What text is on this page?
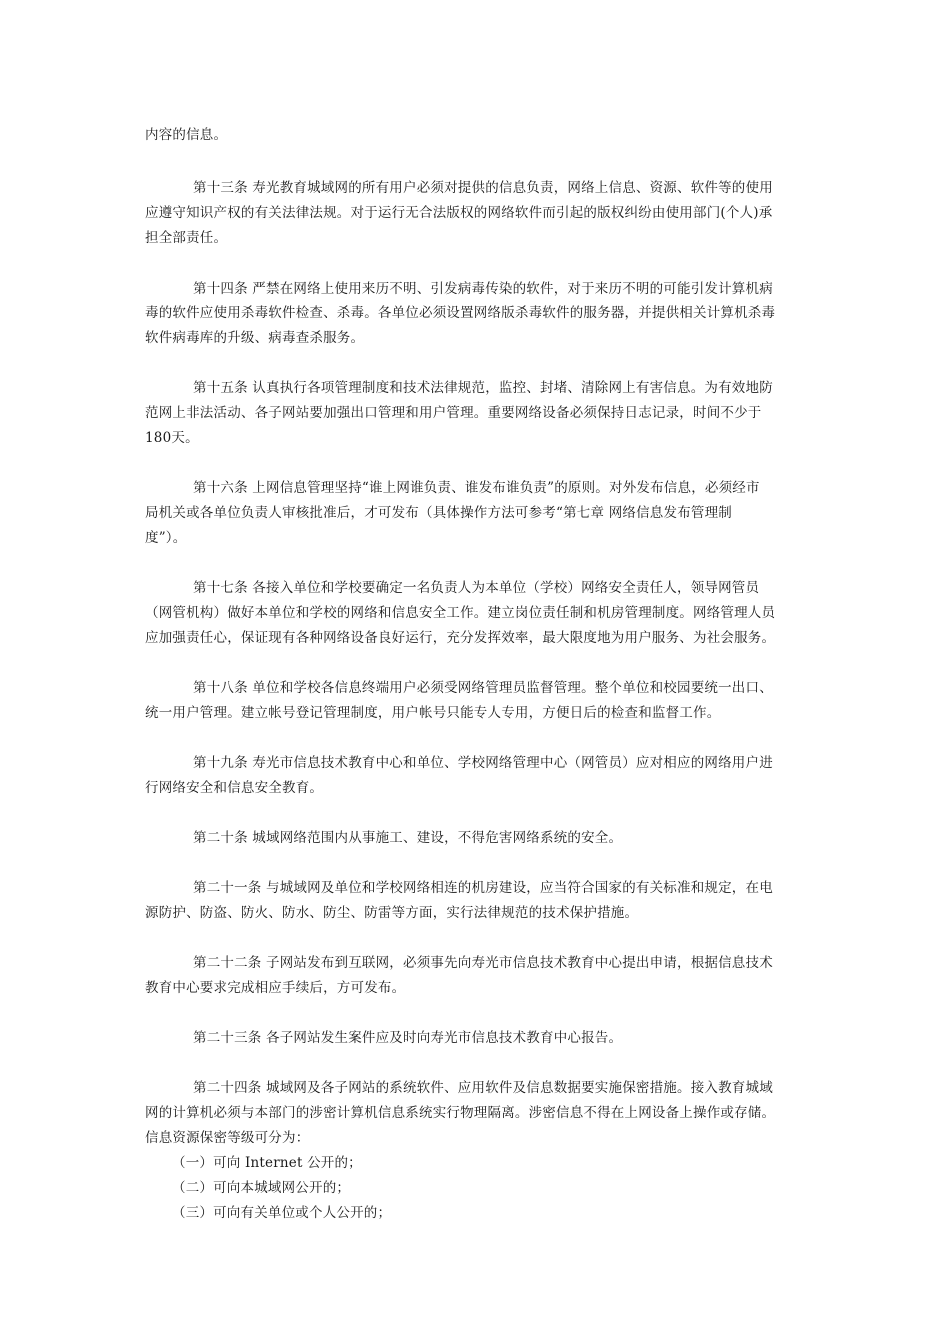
内容的信息。
第十三条 寿光教育城域网的所有用户必须对提供的信息负责，网络上信息、资源、软件等的使用
应遵守知识产权的有关法律法规。对于运行无合法版权的网络软件而引起的版权纠纷由使用部门(个人)承
担全部责任。
第十四条 严禁在网络上使用来历不明、引发病毒传染的软件，对于来历不明的可能引发计算机病
毒的软件应使用杀毒软件检查、杀毒。各单位必须设置网络版杀毒软件的服务器，并提供相关计算机杀毒
软件病毒库的升级、病毒查杀服务。
第十五条 认真执行各项管理制度和技术法律规范，监控、封堵、清除网上有害信息。为有效地防
范网上非法活动、各子网站要加强出口管理和用户管理。重要网络设备必须保持日志记录，时间不少于
180天。
第十六条 上网信息管理坚持“谁上网谁负责、谁发布谁负责”的原则。对外发布信息，必须经市
局机关或各单位负责人审核批准后，才可发布（具体操作方法可参考“第七章 网络信息发布管理制
度”）。
第十七条 各接入单位和学校要确定一名负责人为本单位（学校）网络安全责任人，领导网管员
（网管机构）做好本单位和学校的网络和信息安全工作。建立岗位责任制和机房管理制度。网络管理人员
应加强责任心，保证现有各种网络设备良好运行，充分发挥效率，最大限度地为用户服务、为社会服务。
第十八条 单位和学校各信息终端用户必须受网络管理员监督管理。整个单位和校园要统一出口、
统一用户管理。建立帐号登记管理制度，用户帐号只能专人专用，方便日后的检查和监督工作。
第十九条 寿光市信息技术教育中心和单位、学校网络管理中心（网管员）应对相应的网络用户进
行网络安全和信息安全教育。
第二十条 城域网络范围内从事施工、建设，不得危害网络系统的安全。
第二十一条 与城域网及单位和学校网络相连的机房建设，应当符合国家的有关标准和规定，在电
源防护、防盗、防火、防水、防尘、防雷等方面，实行法律规范的技术保护措施。
第二十二条 子网站发布到互联网，必须事先向寿光市信息技术教育中心提出申请，根据信息技术
教育中心要求完成相应手续后，方可发布。
第二十三条 各子网站发生案件应及时向寿光市信息技术教育中心报告。
第二十四条 城域网及各子网站的系统软件、应用软件及信息数据要实施保密措施。接入教育城域
网的计算机必须与本部门的涉密计算机信息系统实行物理隔离。涉密信息不得在上网设备上操作或存储。
信息资源保密等级可分为：
（一）可向 Internet 公开的；
（二）可向本城域网公开的；
（三）可向有关单位或个人公开的；
